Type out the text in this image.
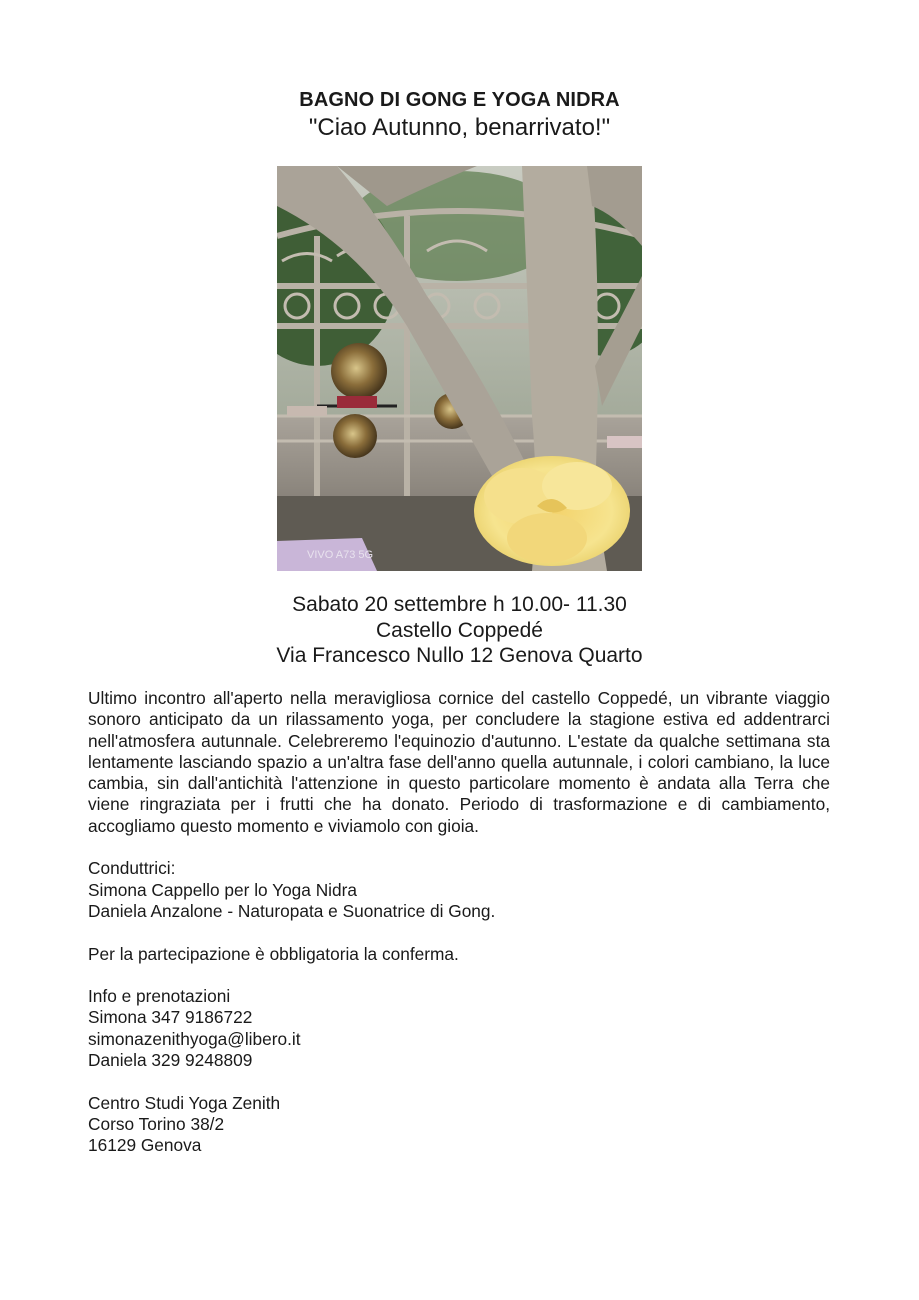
BAGNO DI GONG E YOGA NIDRA
"Ciao Autunno, benarrivato!"
VIVO A73 5G
Sabato 20 settembre h 10.00- 11.30
Castello Coppedé
Via Francesco Nullo 12 Genova Quarto

Ultimo incontro all'aperto nella meravigliosa cornice del castello Coppedé, un vibrante viaggio sonoro anticipato da un rilassamento yoga, per concludere la stagione estiva ed addentrarci nell'atmosfera autunnale. Celebreremo l'equinozio d'autunno. L'estate da qualche settimana sta lentamente lasciando spazio a un'altra fase dell'anno quella autunnale, i colori cambiano, la luce cambia, sin dall'antichità l'attenzione in questo particolare momento è andata alla Terra che viene ringraziata per i frutti che ha donato. Periodo di trasformazione e di cambiamento, accogliamo questo momento e viviamolo con gioia.

Conduttrici:
Simona Cappello per lo Yoga Nidra
Daniela Anzalone - Naturopata e Suonatrice di Gong.
Per la partecipazione è obbligatoria la conferma.
Info e prenotazioni
Simona 347 9186722
simonazenithyoga@libero.it
Daniela 329 9248809
Centro Studi Yoga Zenith
Corso Torino 38/2
16129 Genova
